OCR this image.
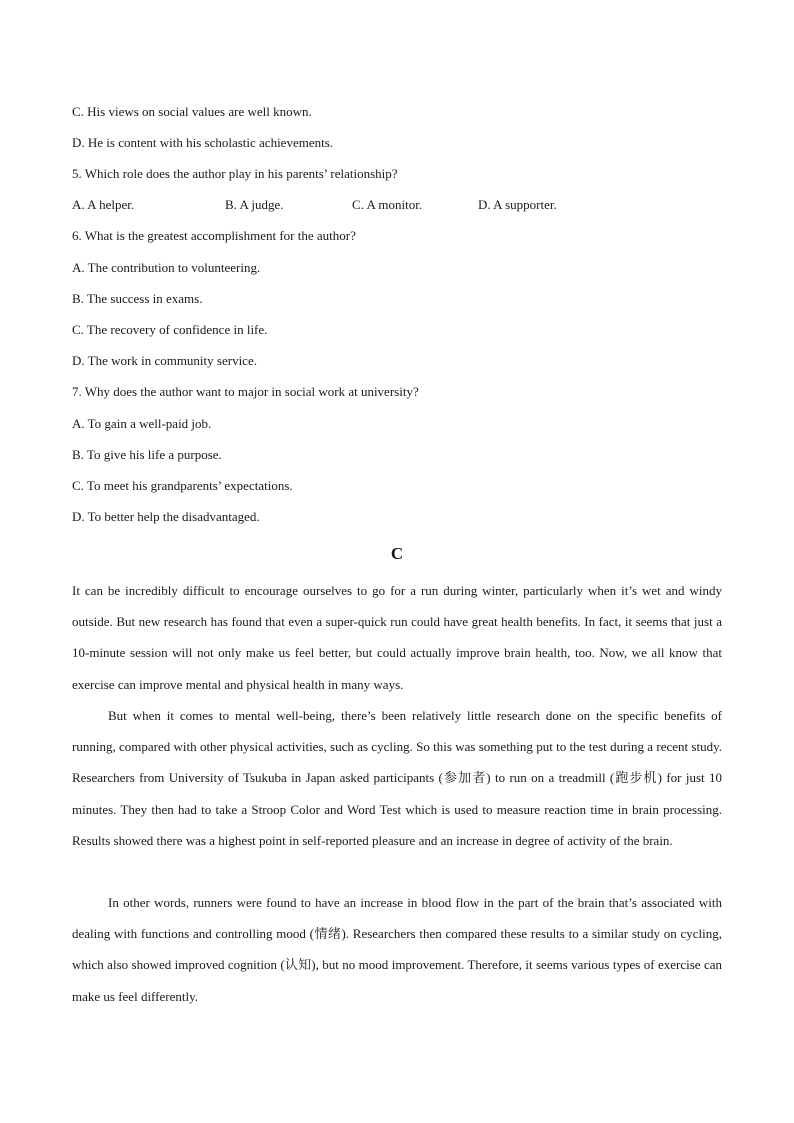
C. His views on social values are well known.
D. He is content with his scholastic achievements.
5. Which role does the author play in his parents’ relationship?
A. A helper.	B. A judge.	C. A monitor.	D. A supporter.
6. What is the greatest accomplishment for the author?
A. The contribution to volunteering.
B. The success in exams.
C. The recovery of confidence in life.
D. The work in community service.
7. Why does the author want to major in social work at university?
A. To gain a well-paid job.
B. To give his life a purpose.
C. To meet his grandparents’ expectations.
D. To better help the disadvantaged.
C

It can be incredibly difficult to encourage ourselves to go for a run during winter, particularly when it’s wet and windy outside. But new research has found that even a super-quick run could have great health benefits. In fact, it seems that just a 10-minute session will not only make us feel better, but could actually improve brain health, too. Now, we all know that exercise can improve mental and physical health in many ways.

But when it comes to mental well-being, there’s been relatively little research done on the specific benefits of running, compared with other physical activities, such as cycling. So this was something put to the test during a recent study. Researchers from University of Tsukuba in Japan asked participants (参加者) to run on a treadmill (跑步机) for just 10 minutes. They then had to take a Stroop Color and Word Test which is used to measure reaction time in brain processing. Results showed there was a highest point in self-reported pleasure and an increase in degree of activity of the brain.

In other words, runners were found to have an increase in blood flow in the part of the brain that’s associated with dealing with functions and controlling mood (情绪). Researchers then compared these results to a similar study on cycling, which also showed improved cognition (认知), but no mood improvement. Therefore, it seems various types of exercise can make us feel differently.
